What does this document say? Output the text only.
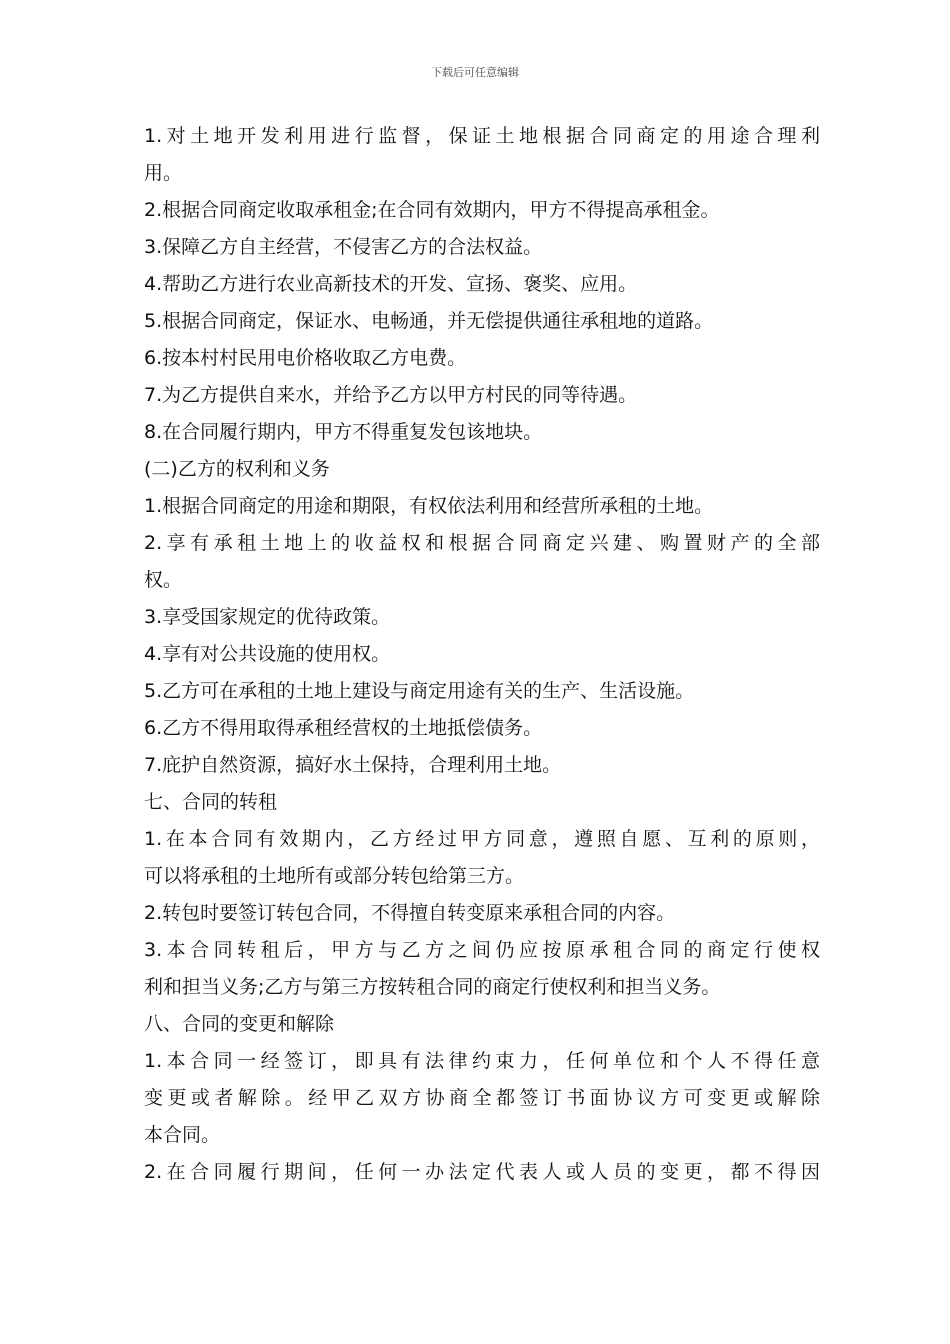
下载后可任意编辑
1.对土地开发利用进行监督，保证土地根据合同商定的用途合理利
用。
2.根据合同商定收取承租金;在合同有效期内，甲方不得提高承租金。
3.保障乙方自主经营，不侵害乙方的合法权益。
4.帮助乙方进行农业高新技术的开发、宣扬、褒奖、应用。
5.根据合同商定，保证水、电畅通，并无偿提供通往承租地的道路。
6.按本村村民用电价格收取乙方电费。
7.为乙方提供自来水，并给予乙方以甲方村民的同等待遇。
8.在合同履行期内，甲方不得重复发包该地块。
(二)乙方的权利和义务
1.根据合同商定的用途和期限，有权依法利用和经营所承租的土地。
2.享有承租土地上的收益权和根据合同商定兴建、购置财产的全部
权。
3.享受国家规定的优待政策。
4.享有对公共设施的使用权。
5.乙方可在承租的土地上建设与商定用途有关的生产、生活设施。
6.乙方不得用取得承租经营权的土地抵偿债务。
7.庇护自然资源，搞好水土保持，合理利用土地。
七、合同的转租
1.在本合同有效期内，乙方经过甲方同意，遵照自愿、互利的原则，
可以将承租的土地所有或部分转包给第三方。
2.转包时要签订转包合同，不得擅自转变原来承租合同的内容。
3.本合同转租后，甲方与乙方之间仍应按原承租合同的商定行使权
利和担当义务;乙方与第三方按转租合同的商定行使权利和担当义务。
八、合同的变更和解除
1.本合同一经签订，即具有法律约束力，任何单位和个人不得任意
变更或者解除。经甲乙双方协商全都签订书面协议方可变更或解除
本合同。
2.在合同履行期间，任何一办法定代表人或人员的变更，都不得因
